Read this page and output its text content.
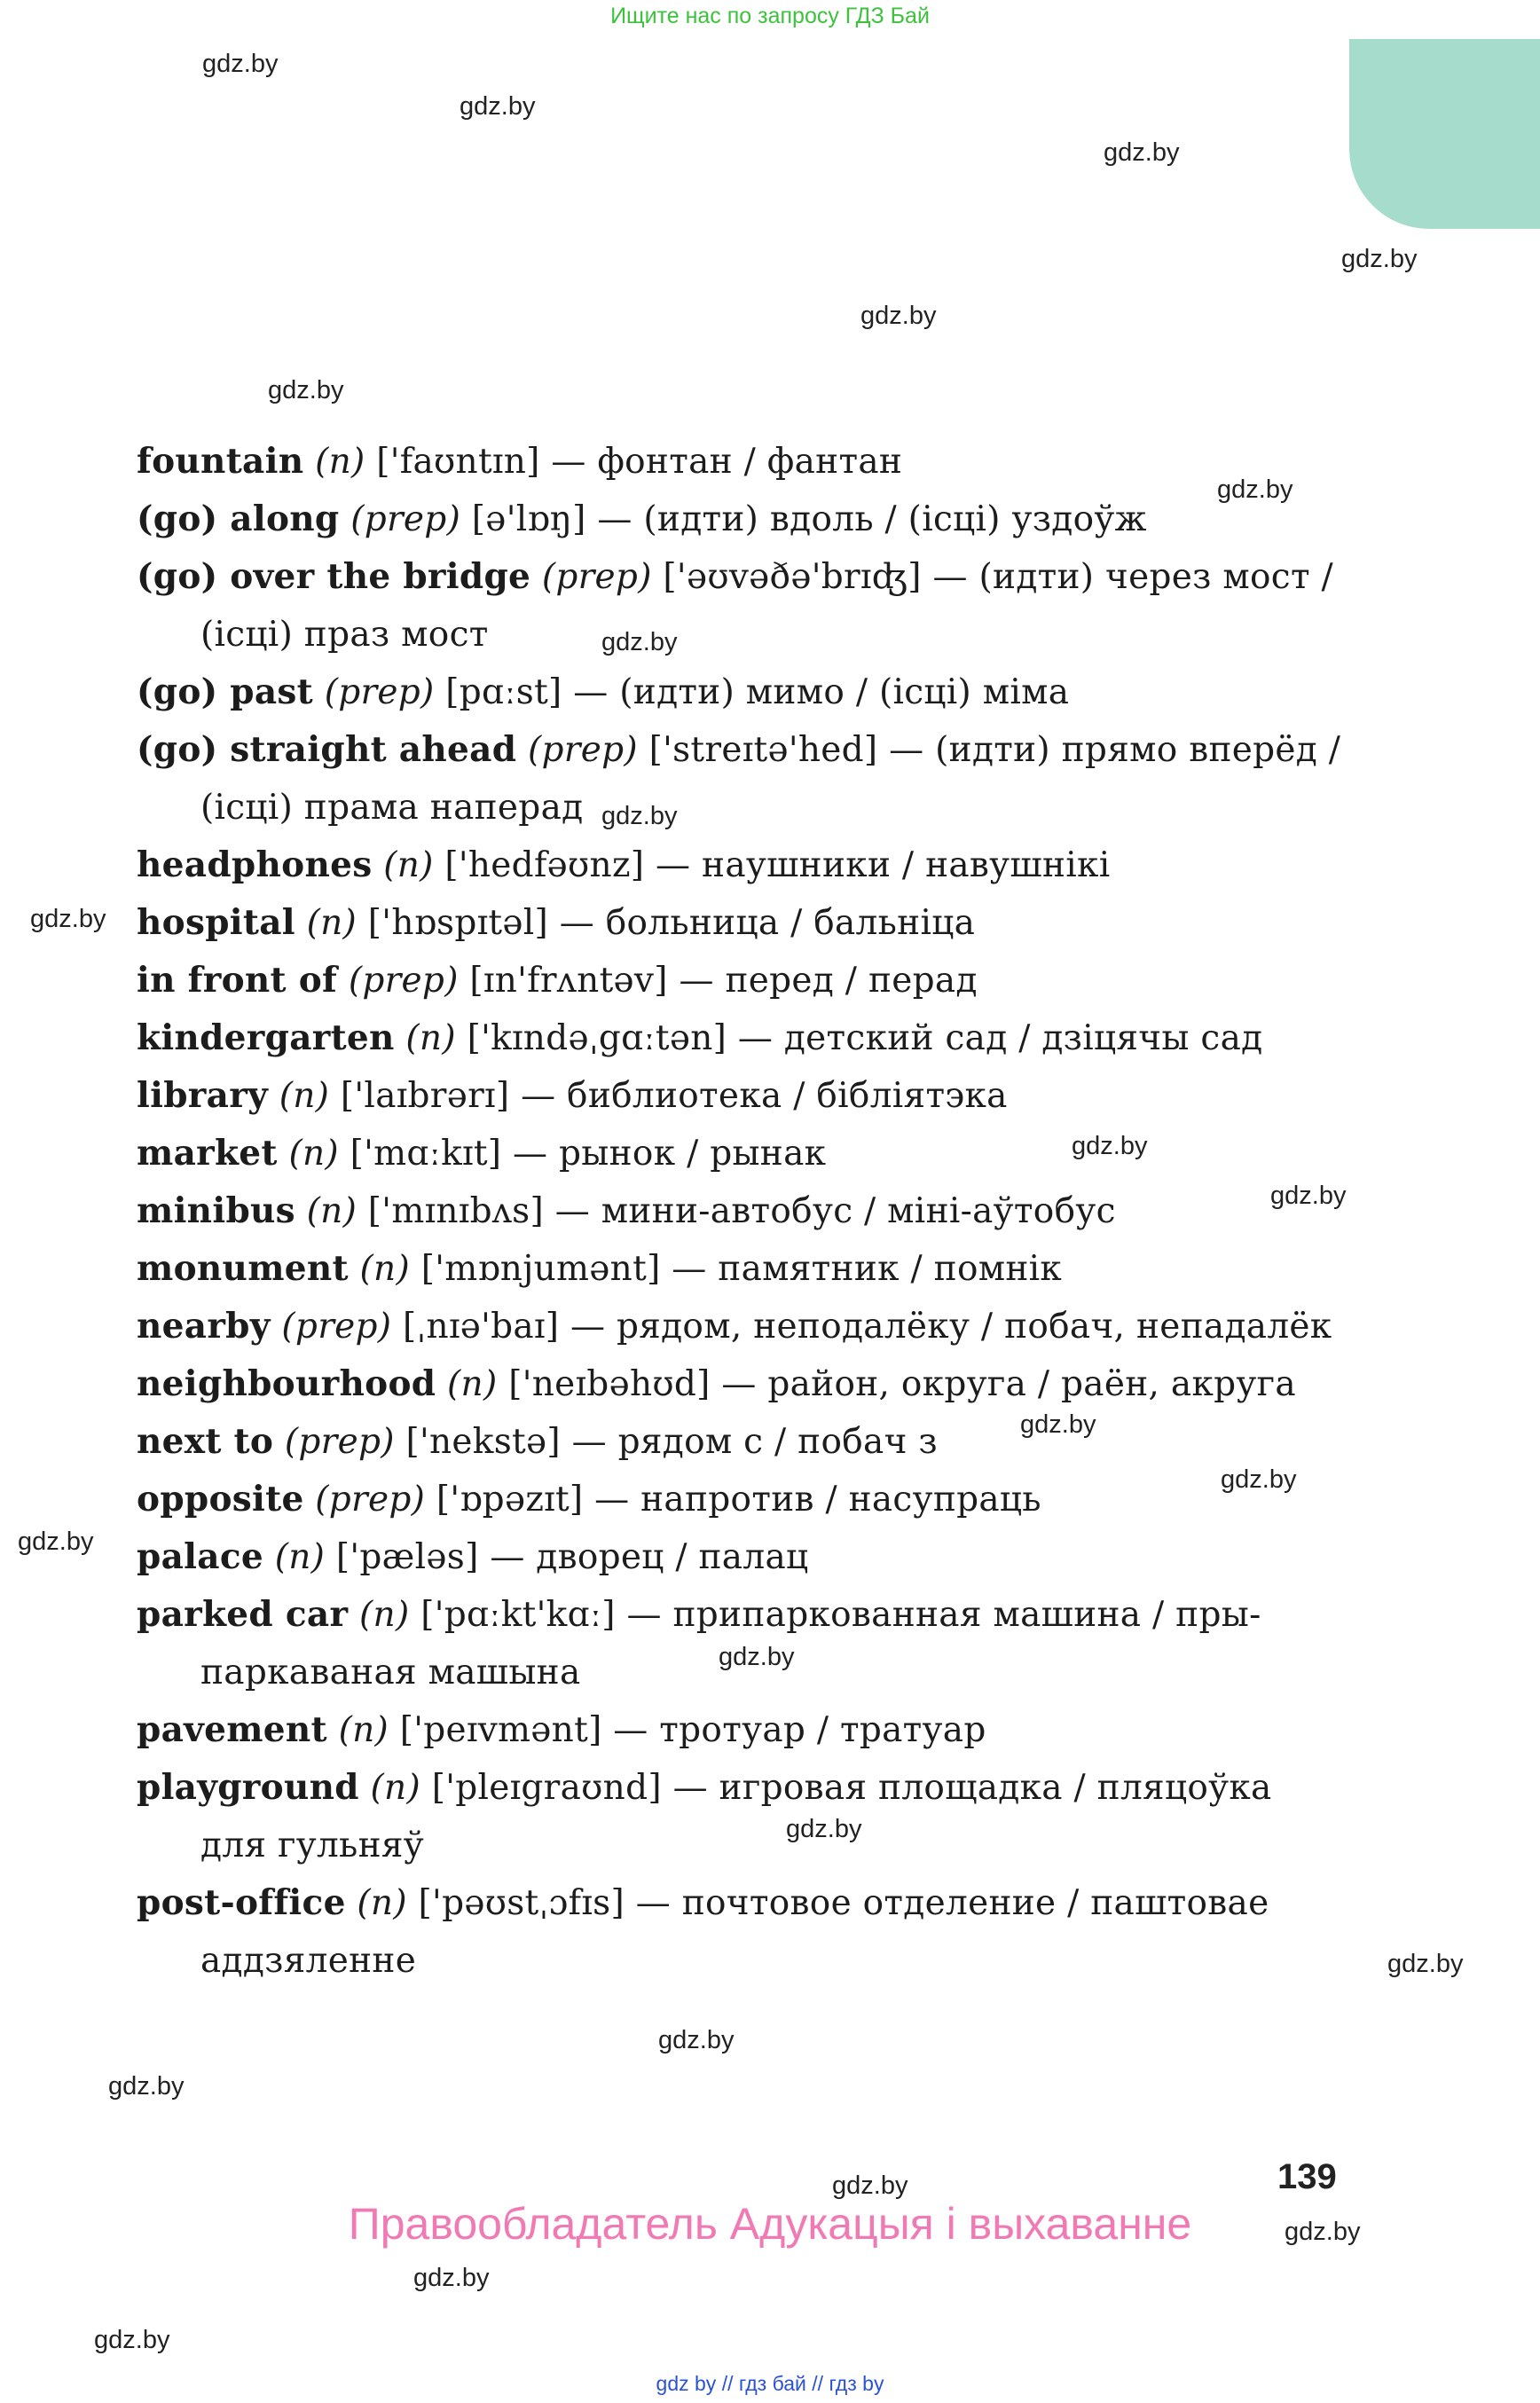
Ищите нас по запросу ГДЗ Бай
gdz.by
gdz.by
gdz.by
gdz.by
gdz.by
gdz.by
gdz.by
gdz.by
gdz.by
gdz.by
gdz.by
gdz.by
gdz.by
gdz.by
gdz.by
gdz.by
gdz.by
gdz.by
gdz.by
gdz.by
gdz.by
gdz.by
gdz.by
gdz.by
fountain (n) ['faʊntɪn] — фонтан / фантан
(go) along (prep) [ə'lɒŋ] — (идти) вдоль / (ісці) уздоўж
(go) over the bridge (prep) ['əʊvəðə'brɪʤ] — (идти) через мост /
(ісці) праз мост
(go) past (prep) [pɑːst] — (идти) мимо / (ісці) міма
(go) straight ahead (prep) ['streɪtə'hed] — (идти) прямо вперёд /
(ісці) прама наперад
headphones (n) ['hedfəʊnz] — наушники / навушнікі
hospital (n) ['hɒspɪtəl] — больница / бальніца
in front of (prep) [ɪn'frʌntəv] — перед / перад
kindergarten (n) ['kɪndəˌgɑːtən] — детский сад / дзіцячы сад
library (n) ['laɪbrərɪ] — библиотека / бібліятэка
market (n) ['mɑːkɪt] — рынок / рынак
minibus (n) ['mɪnɪbʌs] — мини-автобус / міні-аўтобус
monument (n) ['mɒnjumənt] — памятник / помнік
nearby (prep) [ˌnɪə'baɪ] — рядом, неподалёку / побач, непадалёк
neighbourhood (n) ['neɪbəhʊd] — район, округа / раён, акруга
next to (prep) ['nekstə] — рядом с / побач з
opposite (prep) ['ɒpəzɪt] — напротив / насупраць
palace (n) ['pæləs] — дворец / палац
parked car (n) ['pɑːkt'kɑː] — припаркованная машина / пры-
паркаваная машына
pavement (n) ['peɪvmənt] — тротуар / тратуар
playground (n) ['pleɪgraʊnd] — игровая площадка / пляцоўка
для гульняў
post-office (n) ['pəʊstˌɔfɪs] — почтовое отделение / паштовае
аддзяленне
139
Правообладатель Адукацыя і выхаванне
gdz by // гдз бай // гдз by
